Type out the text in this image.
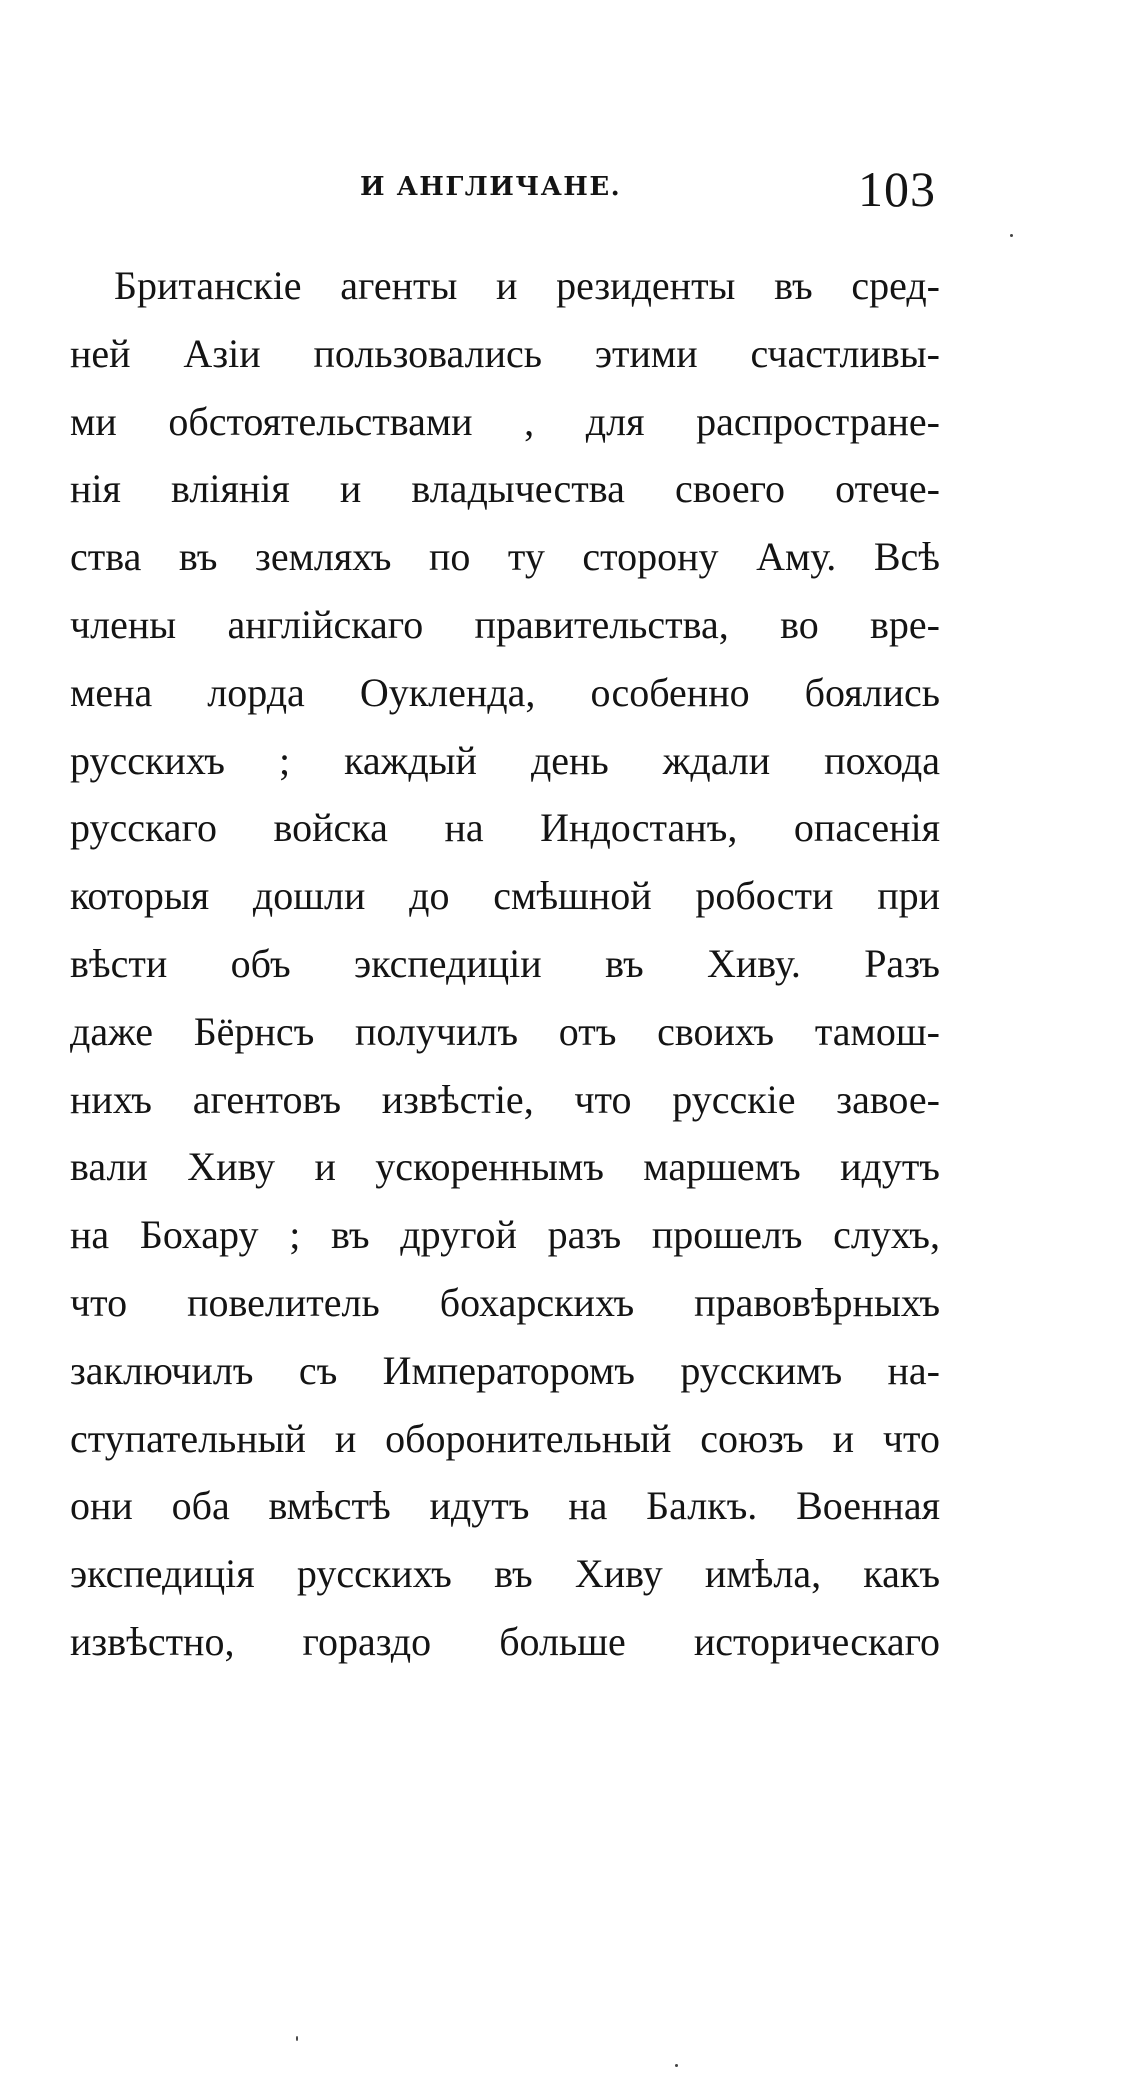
И АНГЛИЧАНЕ.	103
Британскіе агенты и резиденты въ сред-
ней Азіи пользовались этими счастливы-
ми обстоятельствами , для распростране-
нія вліянія и владычества своего отече-
ства въ земляхъ по ту сторону Аму. Всѣ
члены англійскаго правительства, во вре-
мена лорда Оукленда, особенно боялись
русскихъ ; каждый день ждали похода
русскаго войска на Индостанъ, опасенія
которыя дошли до смѣшной робости при
вѣсти объ экспедиціи въ Хиву. Разъ
даже Бёрнсъ получилъ отъ своихъ тамош-
нихъ агентовъ извѣстіе, что русскіе завое-
вали Хиву и ускореннымъ маршемъ идутъ
на Бохару ; въ другой разъ прошелъ слухъ,
что повелитель бохарскихъ правовѣрныхъ
заключилъ съ Императоромъ русскимъ на-
ступательный и оборонительный союзъ и что
они оба вмѣстѣ идутъ на Балкъ. Военная
экспедиція русскихъ въ Хиву имѣла, какъ
извѣстно, гораздо больше историческаго
